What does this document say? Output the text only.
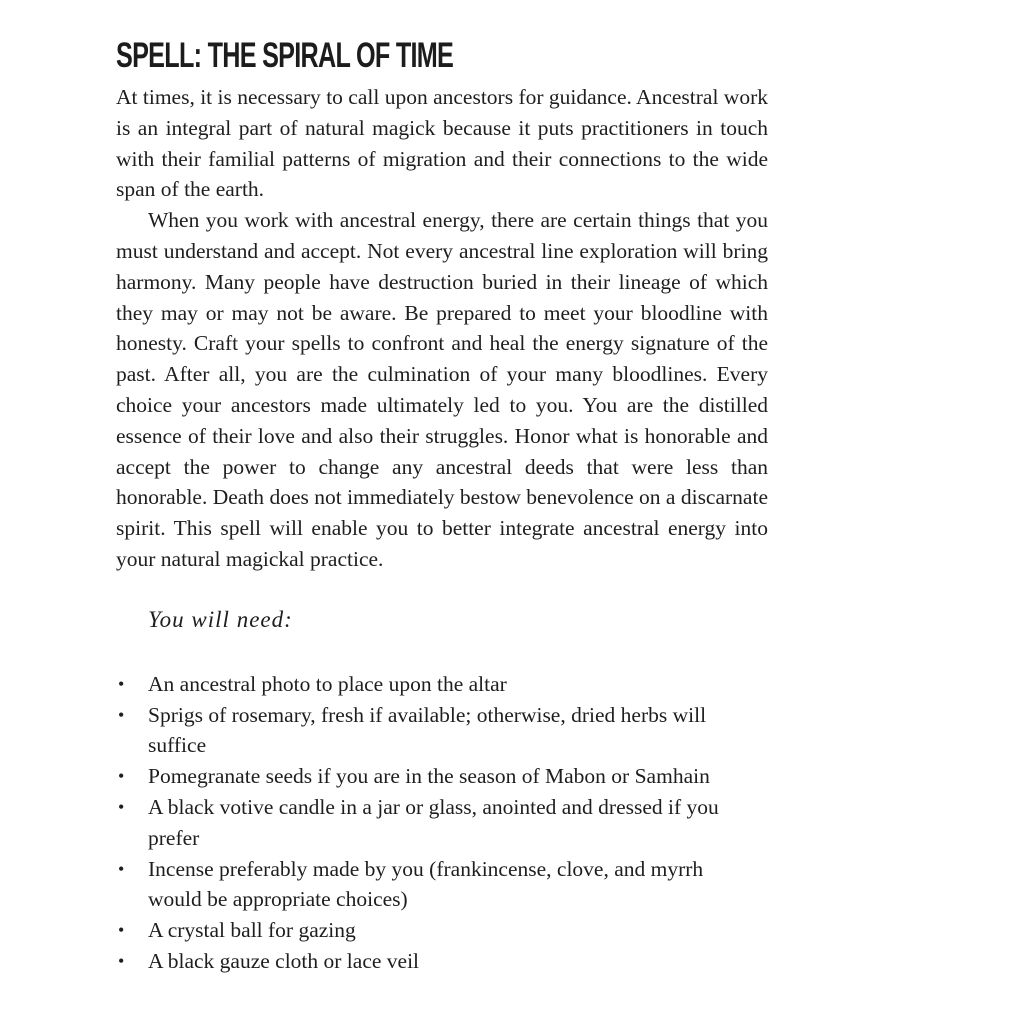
SPELL: THE SPIRAL OF TIME

At times, it is necessary to call upon ancestors for guidance. Ancestral work is an integral part of natural magick because it puts practitioners in touch with their familial patterns of migration and their connections to the wide span of the earth.

When you work with ancestral energy, there are certain things that you must understand and accept. Not every ancestral line exploration will bring harmony. Many people have destruction buried in their lineage of which they may or may not be aware. Be prepared to meet your bloodline with honesty. Craft your spells to confront and heal the energy signature of the past. After all, you are the culmination of your many bloodlines. Every choice your ancestors made ultimately led to you. You are the distilled essence of their love and also their struggles. Honor what is honorable and accept the power to change any ancestral deeds that were less than honorable. Death does not immediately bestow benevolence on a discarnate spirit. This spell will enable you to better integrate ancestral energy into your natural magickal practice.

You will need:
• An ancestral photo to place upon the altar
• Sprigs of rosemary, fresh if available; otherwise, dried herbs will suffice
• Pomegranate seeds if you are in the season of Mabon or Samhain
• A black votive candle in a jar or glass, anointed and dressed if you prefer
• Incense preferably made by you (frankincense, clove, and myrrh would be appropriate choices)
• A crystal ball for gazing
• A black gauze cloth or lace veil
